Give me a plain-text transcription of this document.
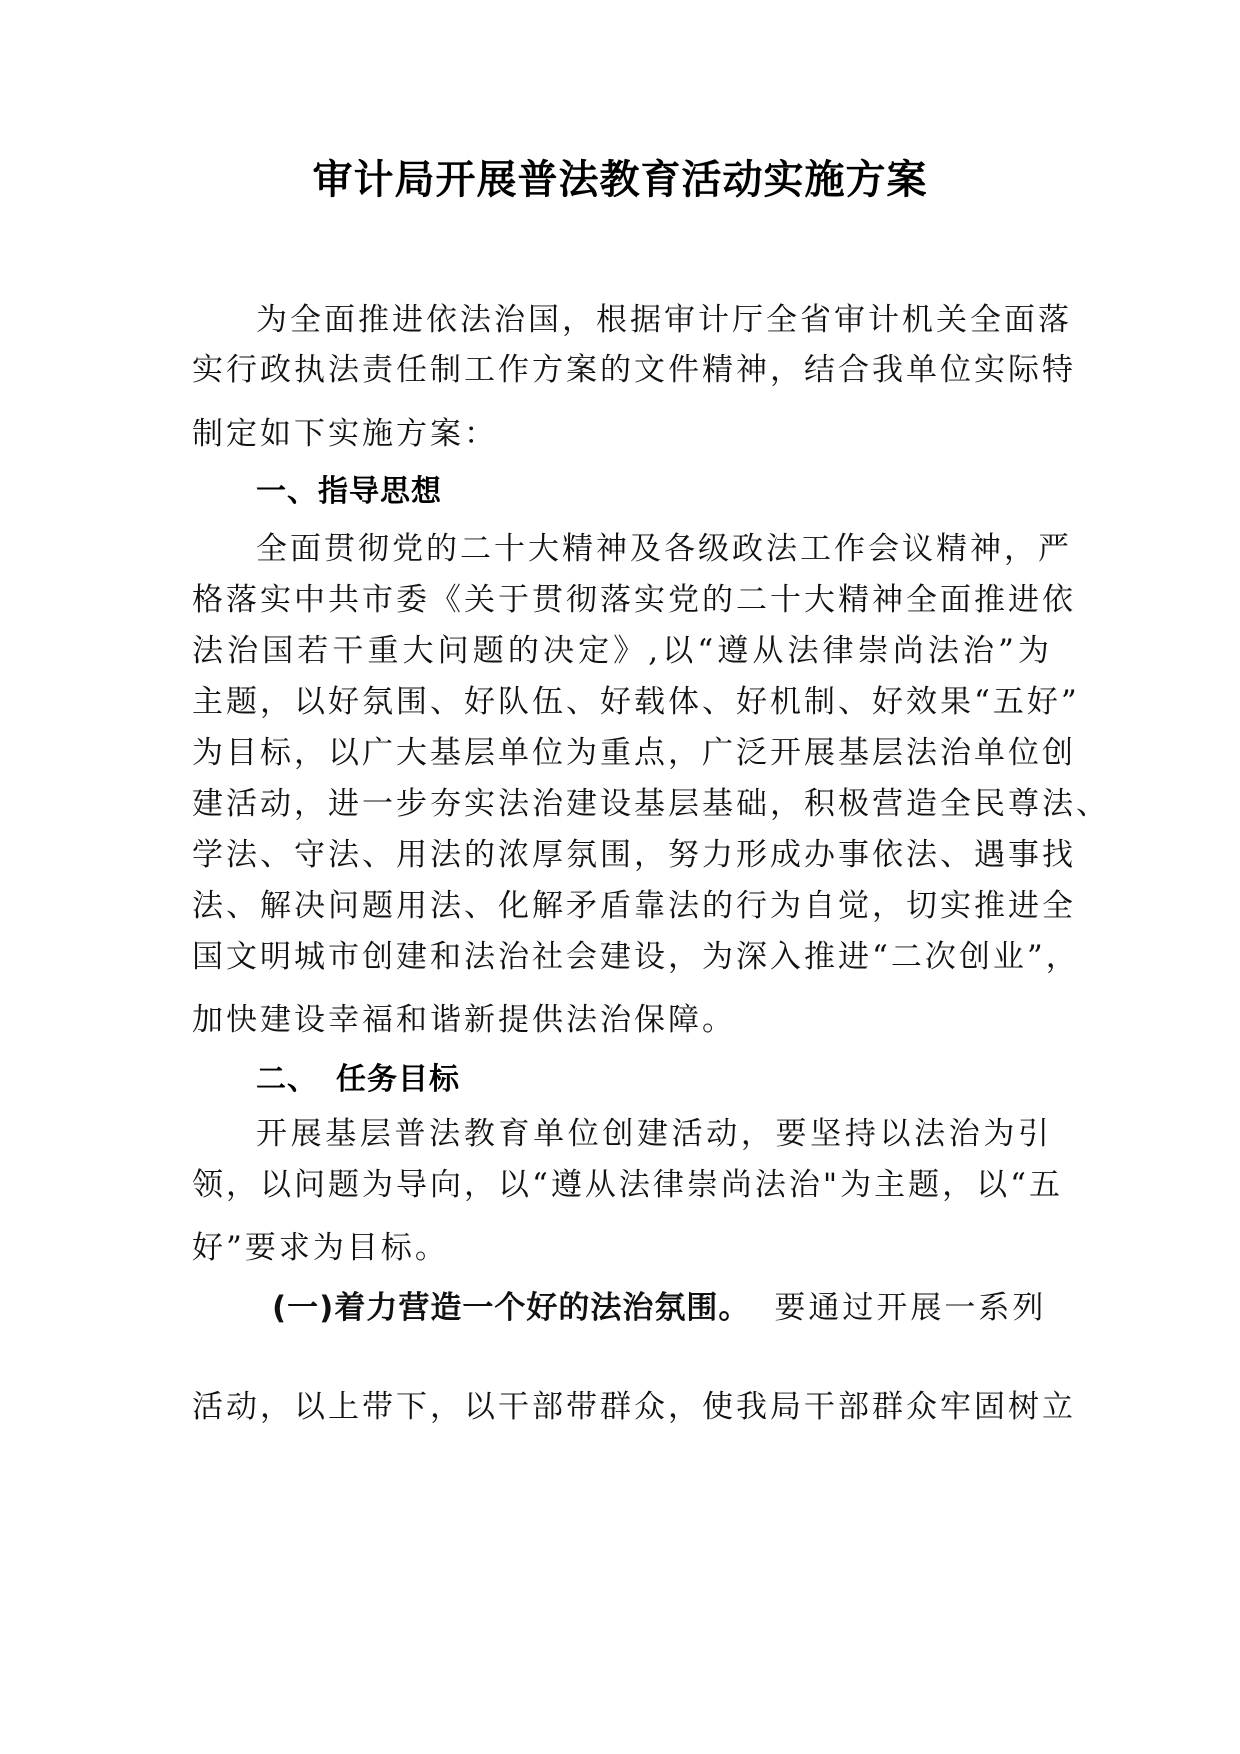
审计局开展普法教育活动实施方案
为全面推进依法治国，根据审计厅全省审计机关全面落
实行政执法责任制工作方案的文件精神，结合我单位实际特
制定如下实施方案：
一、指导思想
全面贯彻党的二十大精神及各级政法工作会议精神，严
格落实中共市委《关于贯彻落实党的二十大精神全面推进依
法治国若干重大问题的决定》,以“遵从法律崇尚法治”为
主题，以好氛围、好队伍、好载体、好机制、好效果“五好”
为目标，以广大基层单位为重点，广泛开展基层法治单位创
建活动，进一步夯实法治建设基层基础，积极营造全民尊法、
学法、守法、用法的浓厚氛围，努力形成办事依法、遇事找
法、解决问题用法、化解矛盾靠法的行为自觉，切实推进全
国文明城市创建和法治社会建设，为深入推进“二次创业”，
加快建设幸福和谐新提供法治保障。
二、 任务目标
开展基层普法教育单位创建活动，要坚持以法治为引
领，以问题为导向，以“遵从法律崇尚法治"为主题，以“五
好”要求为目标。
(一)着力营造一个好的法治氛围。 要通过开展一系列
活动，以上带下，以干部带群众，使我局干部群众牢固树立
